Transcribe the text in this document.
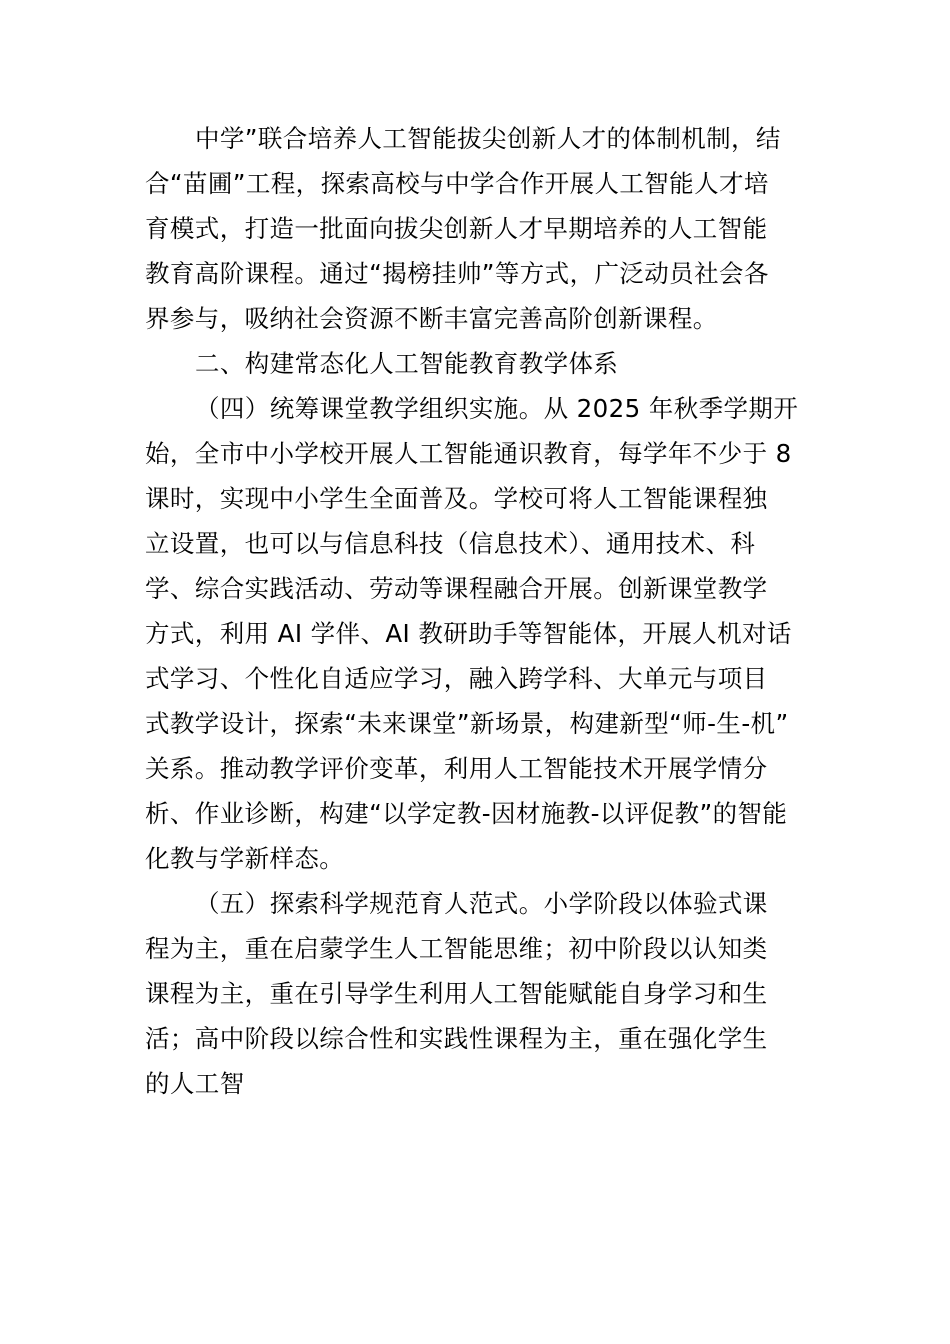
中学”联合培养人工智能拔尖创新人才的体制机制，结
合“苗圃”工程，探索高校与中学合作开展人工智能人才培
育模式，打造一批面向拔尖创新人才早期培养的人工智能
教育高阶课程。通过“揭榜挂帅”等方式，广泛动员社会各
界参与，吸纳社会资源不断丰富完善高阶创新课程。
二、构建常态化人工智能教育教学体系
（四）统筹课堂教学组织实施。从 2025 年秋季学期开
始，全市中小学校开展人工智能通识教育，每学年不少于 8
课时，实现中小学生全面普及。学校可将人工智能课程独
立设置，也可以与信息科技（信息技术）、通用技术、科
学、综合实践活动、劳动等课程融合开展。创新课堂教学
方式，利用 AI 学伴、AI 教研助手等智能体，开展人机对话
式学习、个性化自适应学习，融入跨学科、大单元与项目
式教学设计，探索“未来课堂”新场景，构建新型“师-生-机”
关系。推动教学评价变革，利用人工智能技术开展学情分
析、作业诊断，构建“以学定教-因材施教-以评促教”的智能
化教与学新样态。
（五）探索科学规范育人范式。小学阶段以体验式课
程为主，重在启蒙学生人工智能思维；初中阶段以认知类
课程为主，重在引导学生利用人工智能赋能自身学习和生
活；高中阶段以综合性和实践性课程为主，重在强化学生
的人工智
